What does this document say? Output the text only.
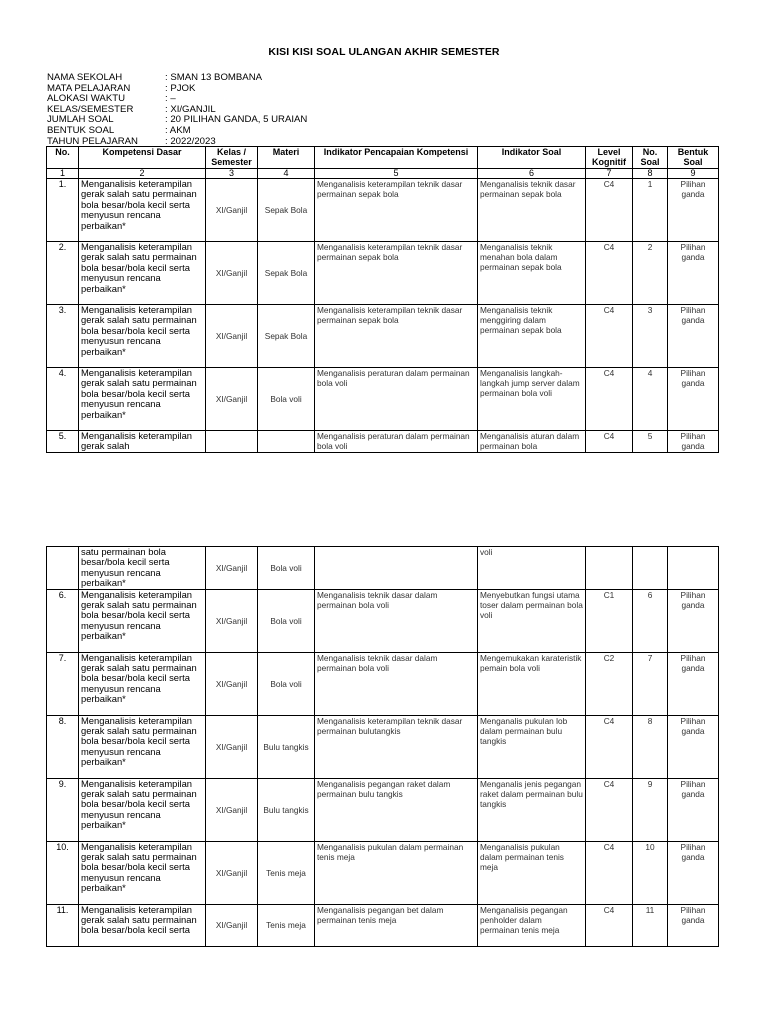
KISI KISI SOAL ULANGAN AKHIR SEMESTER
NAMA SEKOLAH	: SMAN 13 BOMBANA
MATA PELAJARAN	: PJOK
ALOKASI WAKTU	: –
KELAS/SEMESTER	: XI/GANJIL
JUMLAH SOAL	: 20 PILIHAN GANDA, 5 URAIAN
BENTUK SOAL	: AKM
TAHUN PELAJARAN	: 2022/2023
No.	Kompetensi Dasar	Kelas / Semester	Materi	Indikator Pencapaian Kompetensi	Indikator Soal	Level Kognitif	No. Soal	Bentuk Soal
1	2	3	4	5	6	7	8	9
1.	Menganalisis keterampilan gerak salah satu permainan bola besar/bola kecil serta menyusun rencana perbaikan*	XI/Ganjil	Sepak Bola	Menganalisis keterampilan teknik dasar permainan sepak bola	Menganalisis teknik dasar permainan sepak bola	C4	1	Pilihan ganda
2.	Menganalisis keterampilan gerak salah satu permainan bola besar/bola kecil serta menyusun rencana perbaikan*	XI/Ganjil	Sepak Bola	Menganalisis keterampilan teknik dasar permainan sepak bola	Menganalisis teknik menahan bola dalam permainan sepak bola	C4	2	Pilihan ganda
3.	Menganalisis keterampilan gerak salah satu permainan bola besar/bola kecil serta menyusun rencana perbaikan*	XI/Ganjil	Sepak Bola	Menganalisis keterampilan teknik dasar permainan sepak bola	Menganalisis teknik menggiring dalam permainan sepak bola	C4	3	Pilihan ganda
4.	Menganalisis keterampilan gerak salah satu permainan bola besar/bola kecil serta menyusun rencana perbaikan*	XI/Ganjil	Bola voli	Menganalisis peraturan dalam permainan bola voli	Menganalisis langkah-langkah jump server dalam permainan bola voli	C4	4	Pilihan ganda
5.	Menganalisis keterampilan gerak salah			Menganalisis peraturan dalam permainan bola voli	Menganalisis aturan dalam permainan bola	C4	5	Pilihan ganda
	satu permainan bola besar/bola kecil serta menyusun rencana perbaikan*	XI/Ganjil	Bola voli		voli			
6.	Menganalisis keterampilan gerak salah satu permainan bola besar/bola kecil serta menyusun rencana perbaikan*	XI/Ganjil	Bola voli	Menganalisis teknik dasar dalam permainan bola voli	Menyebutkan fungsi utama toser dalam permainan bola voli	C1	6	Pilihan ganda
7.	Menganalisis keterampilan gerak salah satu permainan bola besar/bola kecil serta menyusun rencana perbaikan*	XI/Ganjil	Bola voli	Menganalisis teknik dasar dalam permainan bola voli	Mengemukakan karateristik pemain bola voli	C2	7	Pilihan ganda
8.	Menganalisis keterampilan gerak salah satu permainan bola besar/bola kecil serta menyusun rencana perbaikan*	XI/Ganjil	Bulu tangkis	Menganalisis keterampilan teknik dasar permainan bulutangkis	Menganalis pukulan lob dalam permainan bulu tangkis	C4	8	Pilihan ganda
9.	Menganalisis keterampilan gerak salah satu permainan bola besar/bola kecil serta menyusun rencana perbaikan*	XI/Ganjil	Bulu tangkis	Menganalisis pegangan raket dalam permainan bulu tangkis	Menganalis jenis pegangan raket dalam permainan bulu tangkis	C4	9	Pilihan ganda
10.	Menganalisis keterampilan gerak salah satu permainan bola besar/bola kecil serta menyusun rencana perbaikan*	XI/Ganjil	Tenis meja	Menganalisis pukulan dalam permainan tenis meja	Menganalisis pukulan dalam permainan tenis meja	C4	10	Pilihan ganda
11.	Menganalisis keterampilan gerak salah satu permainan bola besar/bola kecil serta	XI/Ganjil	Tenis meja	Menganalisis pegangan bet dalam permainan tenis meja	Menganalisis pegangan penholder dalam permainan tenis meja	C4	11	Pilihan ganda
